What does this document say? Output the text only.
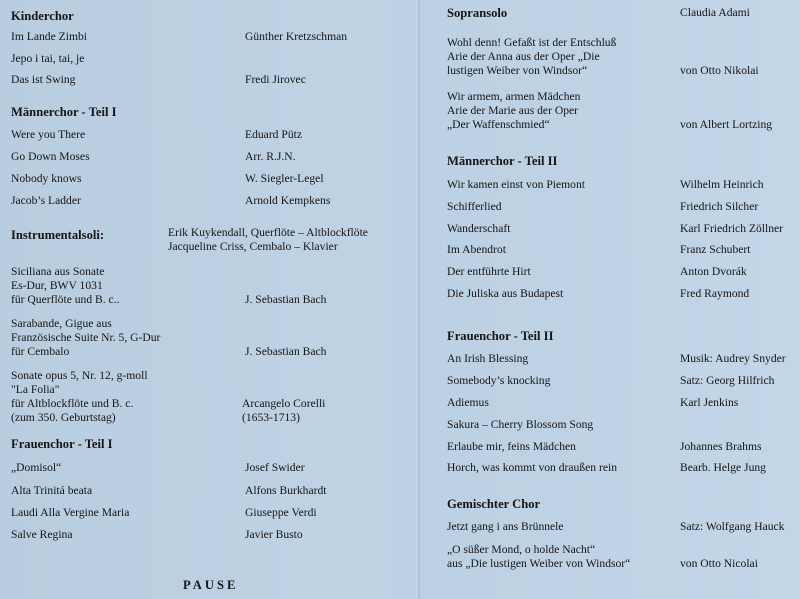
Kinderchor
Im Lande Zimbi	Günther Kretzschman
Jepo i tai, tai, je
Das ist Swing	Fredi Jirovec
Männerchor - Teil I
Were you There	Eduard Pütz
Go Down Moses	Arr. R.J.N.
Nobody knows	W. Siegler-Legel
Jacob’s Ladder	Arnold Kempkens
Instrumentalsoli:	Erik Kuykendall, Querflöte – Altblockflöte
Jacqueline Criss, Cembalo – Klavier
Siciliana aus Sonate
Es-Dur, BWV 1031
für Querflöte und B. c..	J. Sebastian Bach
Sarabande, Gigue aus
Französische Suite Nr. 5, G-Dur
für Cembalo	J. Sebastian Bach
Sonate opus 5, Nr. 12, g-moll
"La Folia"
für Altblockflöte und B. c.
(zum 350. Geburtstag)
Arcangelo Corelli
(1653-1713)
Frauenchor - Teil I
„Domisol“	Josef Swider
Alta Trinitá beata	Alfons Burkhardt
Laudi Alla Vergine Maria	Giuseppe Verdi
Salve Regina	Javier Busto
PAUSE
Sopransolo	Claudia Adami
Wohl denn! Gefaßt ist der Entschluß
Arie der Anna aus der Oper „Die
lustigen Weiber von Windsor“	von Otto Nikolai
Wir armem, armen Mädchen
Arie der Marie aus der Oper
„Der Waffenschmied“	von Albert Lortzing
Männerchor - Teil II
Wir kamen einst von Piemont	Wilhelm Heinrich
Schifferlied	Friedrich Silcher
Wanderschaft	Karl Friedrich Zöllner
Im Abendrot	Franz Schubert
Der entführte Hirt	Anton Dvorák
Die Juliska aus Budapest	Fred Raymond
Frauenchor - Teil II
An Irish Blessing	Musik: Audrey Snyder
Somebody’s knocking	Satz: Georg Hilfrich
Adiemus	Karl Jenkins
Sakura – Cherry Blossom Song
Erlaube mir, feins Mädchen	Johannes Brahms
Horch, was kommt von draußen rein	Bearb. Helge Jung
Gemischter Chor
Jetzt gang i ans Brünnele	Satz: Wolfgang Hauck
„O süßer Mond, o holde Nacht“
aus „Die lustigen Weiber von Windsor“	von Otto Nicolai
